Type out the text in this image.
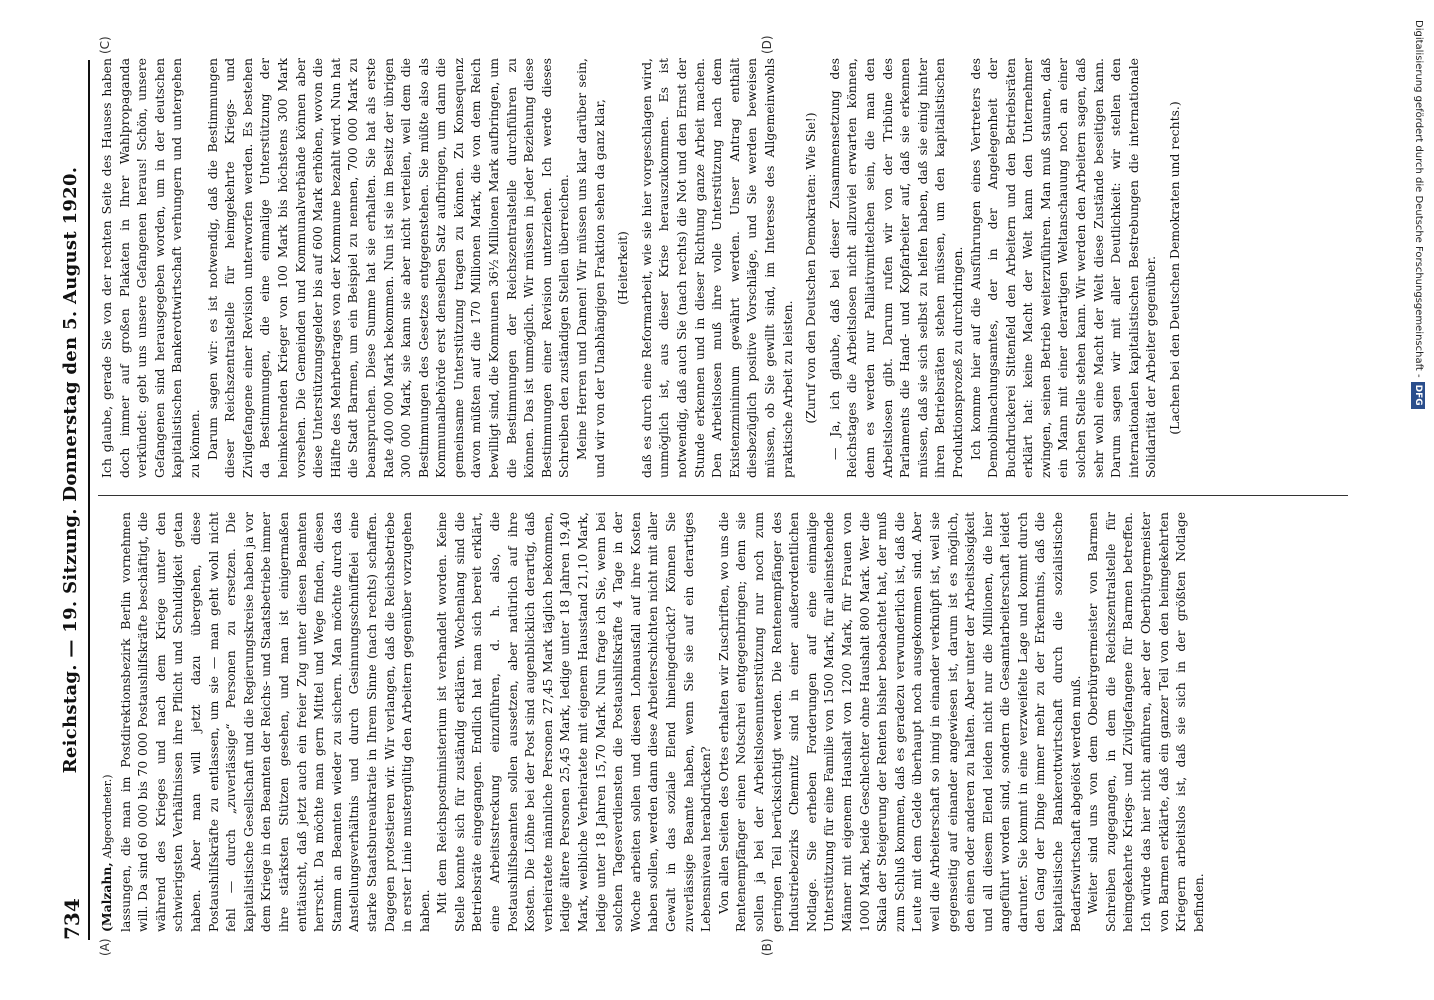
734
Reichstag. — 19. Sitzung. Donnerstag den 5. August 1920.
(A)	(B)
(C)	(D)

(Malzahn, Abgeordneter.) lassungen, die man im Postdirektionsbezirk Berlin vornehmen will. Da sind 60 000 bis 70 000 Postaushilfskräfte beschäftigt, die während des Krieges und nach dem Kriege unter den schwierigsten Verhältnissen ihre Pflicht und Schuldigkeit getan haben. Aber man will jetzt dazu übergehen, diese Postaushilfskräfte zu entlassen, um sie — man geht wohl nicht fehl — durch „zuverlässige“ Personen zu ersetzen. Die kapitalistische Gesellschaft und die Regierungskreise haben ja vor dem Kriege in den Beamten der Reichs- und Staatsbetriebe immer ihre stärksten Stützen gesehen, und man ist einigermaßen enttäuscht, daß jetzt auch ein freier Zug unter diesen Beamten herrscht. Da möchte man gern Mittel und Wege finden, diesen Stamm an Beamten wieder zu sichern. Man möchte durch das Anstellungsverhältnis und durch Gesinnungsschnüffelei eine starke Staatsbureaukratie in Ihrem Sinne (nach rechts) schaffen. Dagegen protestieren wir. Wir verlangen, daß die Reichsbetriebe in erster Linie mustergültig den Arbeitern gegenüber vorzugehen haben. Mit dem Reichspostministerium ist verhandelt worden. Keine Stelle konnte sich für zuständig erklären. Wochenlang sind die Betriebsräte eingegangen. Endlich hat man sich bereit erklärt, eine Arbeitsstreckung einzuführen, d. h. also, die Postaushilfsbeamten sollen aussetzen, aber natürlich auf ihre Kosten. Die Löhne bei der Post sind augenblicklich derartig, daß verheiratete männliche Personen 27,45 Mark täglich bekommen, ledige ältere Personen 25,45 Mark, ledige unter 18 Jahren 19,40 Mark, weibliche Verheiratete mit eigenem Hausstand 21,10 Mark, ledige unter 18 Jahren 15,70 Mark. Nun frage ich Sie, wenn bei solchen Tagesverdiensten die Postaushilfskräfte 4 Tage in der Woche arbeiten sollen und diesen Lohnausfall auf ihre Kosten haben sollen, werden dann diese Arbeiterschichten nicht mit aller Gewalt in das soziale Elend hineingedrückt? Können Sie zuverlässige Beamte haben, wenn Sie sie auf ein derartiges Lebensniveau herabdrücken? Von allen Seiten des Ortes erhalten wir Zuschriften, wo uns die Rentenempfänger einen Notschrei entgegenbringen; denn sie sollen ja bei der Arbeitslosenunterstützung nur noch zum geringen Teil berücksichtigt werden. Die Rentenempfänger des Industriebezirks Chemnitz sind in einer außerordentlichen Notlage. Sie erheben Forderungen auf eine einmalige Unterstützung für eine Familie von 1500 Mark, für alleinstehende Männer mit eigenem Haushalt von 1200 Mark, für Frauen von 1000 Mark, beide Geschlechter ohne Haushalt 800 Mark. Wer die Skala der Steigerung der Renten bisher beobachtet hat, der muß zum Schluß kommen, daß es geradezu verwunderlich ist, daß die Leute mit dem Gelde überhaupt noch ausgekommen sind. Aber weil die Arbeiterschaft so innig in einander verknüpft ist, weil sie gegenseitig auf einander angewiesen ist, darum ist es möglich, den einen oder anderen zu halten. Aber unter der Arbeitslosigkeit und all diesem Elend leiden nicht nur die Millionen, die hier angeführt worden sind, sondern die Gesamtarbeiterschaft leidet darunter. Sie kommt in eine verzweifelte Lage und kommt durch den Gang der Dinge immer mehr zu der Erkenntnis, daß die kapitalistische Bankerottwirtschaft durch die sozialistische Bedarfswirtschaft abgelöst werden muß. Weiter sind uns von dem Oberbürgermeister von Barmen Schreiben zugegangen, in dem die Reichszentralstelle für heimgekehrte Kriegs- und Zivilgefangene für Barmen betreffen. Ich würde das hier nicht anführen, aber der Oberbürgermeister von Barmen erklärte, daß ein ganzer Teil von den heimgekehrten Kriegern arbeitslos ist, daß sie sich in der größten Notlage befinden.

Ich glaube, gerade Sie von der rechten Seite des Hauses haben doch immer auf großen Plakaten in Ihrer Wahlpropaganda verkündet: gebt uns unsere Gefangenen heraus! Schön, unsere Gefangenen sind herausgegeben worden, um in der deutschen kapitalistischen Bankerottwirtschaft verhungern und untergehen zu können. Darum sagen wir: es ist notwendig, daß die Bestimmungen dieser Reichszentralstelle für heimgekehrte Kriegs- und Zivilgefangene einer Revision unterworfen werden. Es bestehen da Bestimmungen, die eine einmalige Unterstützung der heimkehrenden Krieger von 100 Mark bis höchstens 300 Mark vorsehen. Die Gemeinden und Kommunalverbände können aber diese Unterstützungsgelder bis auf 600 Mark erhöhen, wovon die Hälfte des Mehrbetrages von der Kommune bezahlt wird. Nun hat die Stadt Barmen, um ein Beispiel zu nennen, 700 000 Mark zu beanspruchen. Diese Summe hat sie erhalten. Sie hat als erste Rate 400 000 Mark bekommen. Nun ist sie im Besitz der übrigen 300 000 Mark, sie kann sie aber nicht verteilen, weil dem die Bestimmungen des Gesetzes entgegenstehen. Sie müßte also als Kommunalbehörde erst denselben Satz aufbringen, um dann die gemeinsame Unterstützung tragen zu können. Zu Konsequenz davon müßten auf die 170 Millionen Mark, die von dem Reich bewilligt sind, die Kommunen 36½ Millionen Mark aufbringen, um die Bestimmungen der Reichszentralstelle durchführen zu können. Das ist unmöglich. Wir müssen in jeder Beziehung diese Bestimmungen einer Revision unterziehen. Ich werde dieses Schreiben den zuständigen Stellen überreichen. Meine Herren und Damen! Wir müssen uns klar darüber sein, und wir von der Unabhängigen Fraktion sehen da ganz klar, (Heiterkeit) daß es durch eine Reformarbeit, wie sie hier vorgeschlagen wird, unmöglich ist, aus dieser Krise herauszukommen. Es ist notwendig, daß auch Sie (nach rechts) die Not und den Ernst der Stunde erkennen und in dieser Richtung ganze Arbeit machen. Den Arbeitslosen muß ihre volle Unterstützung nach dem Existenzminimum gewährt werden. Unser Antrag enthält diesbezüglich positive Vorschläge, und Sie werden beweisen müssen, ob Sie gewillt sind, im Interesse des Allgemeinwohls praktische Arbeit zu leisten. (Zuruf von den Deutschen Demokraten: Wie Sie!) — Ja, ich glaube, daß bei dieser Zusammensetzung des Reichstages die Arbeitslosen nicht allzuviel erwarten können, denn es werden nur Palliativmittelchen sein, die man den Arbeitslosen gibt. Darum rufen wir von der Tribüne des Parlaments die Hand- und Kopfarbeiter auf, daß sie erkennen müssen, daß sie sich selbst zu helfen haben, daß sie einig hinter ihren Betriebsräten stehen müssen, um den kapitalistischen Produktionsprozeß zu durchdringen. Ich komme hier auf die Ausführungen eines Vertreters des Demobilmachungsamtes, der in der Angelegenheit der Buchdruckerei Sittenfeld den Arbeitern und den Betriebsräten erklärt hat: keine Macht der Welt kann den Unternehmer zwingen, seinen Betrieb weiterzuführen. Man muß staunen, daß ein Mann mit einer derartigen Weltanschauung noch an einer solchen Stelle stehen kann. Wir werden den Arbeitern sagen, daß sehr wohl eine Macht der Welt diese Zustände beseitigen kann. Darum sagen wir mit aller Deutlichkeit: wir stellen den internationalen kapitalistischen Bestrebungen die internationale Solidarität der Arbeiter gegenüber. (Lachen bei den Deutschen Demokraten und rechts.)	Digitalisierung gefördert durch die Deutsche Forschungsgemeinschaft -DFG
